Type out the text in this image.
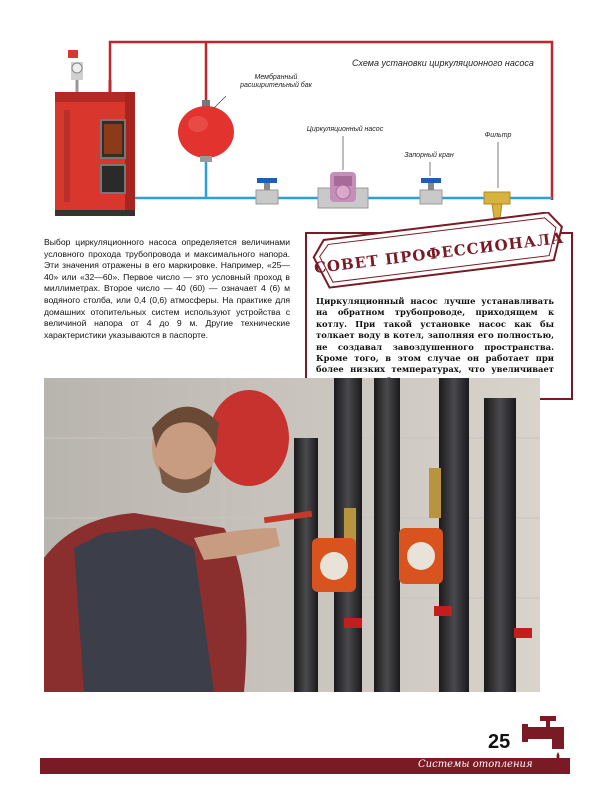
Схема установки циркуляционного насоса
Мембранный расширительный бак
Циркуляционный насос
Запорный кран
Фильтр

Выбор циркуляционного насоса определяется величинами условного прохода трубопровода и максимального напора. Эти значения отражены в его маркировке. Например, «25—40» или «32—60». Первое число — это условный проход в миллиметрах. Второе число — 40 (60) — означает 4 (6) м водяного столба, или 0,4 (0,6) атмосферы. На практике для домашних отопительных систем используют устройства с величиной напора от 4 до 9 м. Другие технические характеристики указываются в паспорте.

СОВЕТ ПРОФЕССИОНАЛА

Циркуляционный насос лучше устанавливать на обратном трубопроводе, приходящем к котлу. При такой установке насос как бы толкает воду в котел, заполняя его полностью, не создавал завоздушенного пространства. Кроме того, в этом случае он работает при более низких температурах, что увеличивает

25
Системы отопления
